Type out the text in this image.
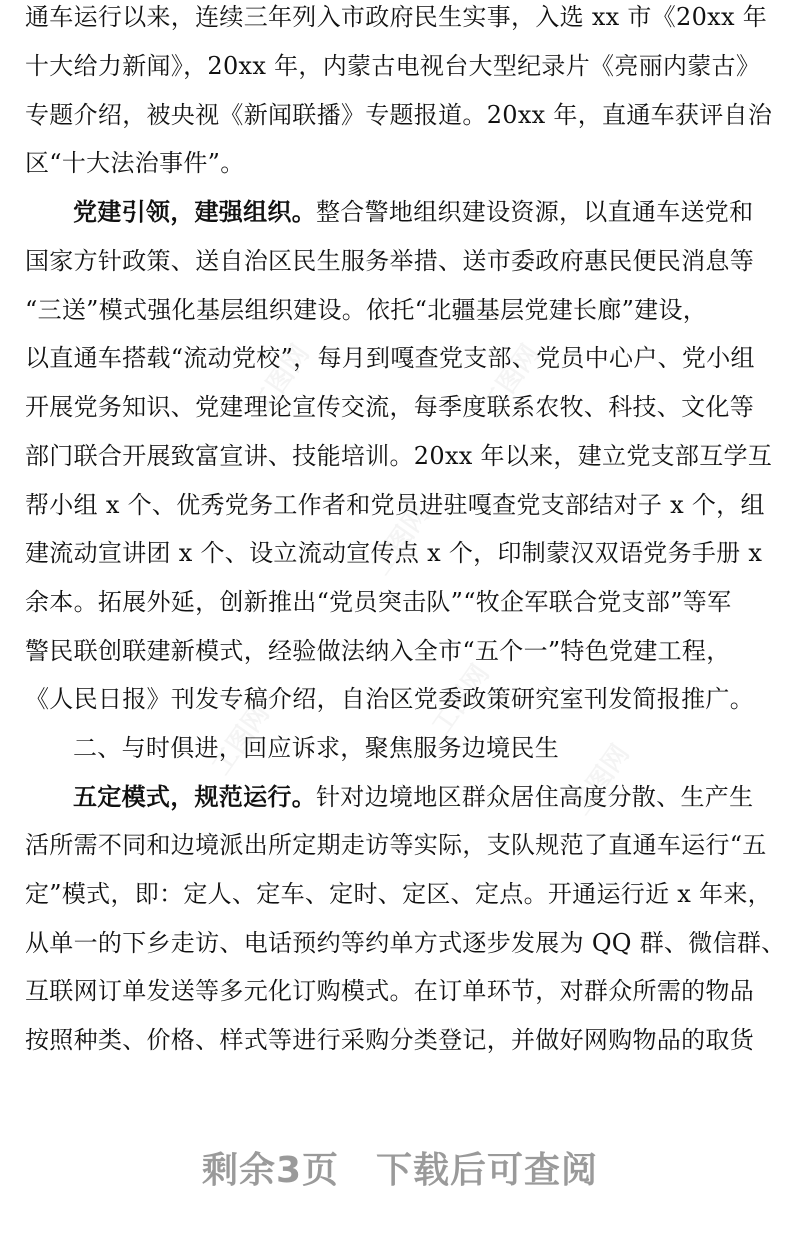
通车运行以来，连续三年列入市政府民生实事，入选 xx 市《20xx 年
十大给力新闻》，20xx 年，内蒙古电视台大型纪录片《亮丽内蒙古》
专题介绍，被央视《新闻联播》专题报道。20xx 年，直通车获评自治
区“十大法治事件”。
党建引领，建强组织。整合警地组织建设资源，以直通车送党和
国家方针政策、送自治区民生服务举措、送市委政府惠民便民消息等
“三送”模式强化基层组织建设。依托“北疆基层党建长廊”建设，
以直通车搭载“流动党校”，每月到嘎查党支部、党员中心户、党小组
开展党务知识、党建理论宣传交流，每季度联系农牧、科技、文化等
部门联合开展致富宣讲、技能培训。20xx 年以来，建立党支部互学互
帮小组 x 个、优秀党务工作者和党员进驻嘎查党支部结对子 x 个，组
建流动宣讲团 x 个、设立流动宣传点 x 个，印制蒙汉双语党务手册 x
余本。拓展外延，创新推出“党员突击队”“牧企军联合党支部”等军
警民联创联建新模式，经验做法纳入全市“五个一”特色党建工程，
《人民日报》刊发专稿介绍，自治区党委政策研究室刊发简报推广。
二、与时俱进，回应诉求，聚焦服务边境民生
五定模式，规范运行。针对边境地区群众居住高度分散、生产生
活所需不同和边境派出所定期走访等实际，支队规范了直通车运行“五
定”模式，即：定人、定车、定时、定区、定点。开通运行近 x 年来，
从单一的下乡走访、电话预约等约单方式逐步发展为 QQ 群、微信群、
互联网订单发送等多元化订购模式。在订单环节，对群众所需的物品
按照种类、价格、样式等进行采购分类登记，并做好网购物品的取货
剩余3页　下载后可查阅
